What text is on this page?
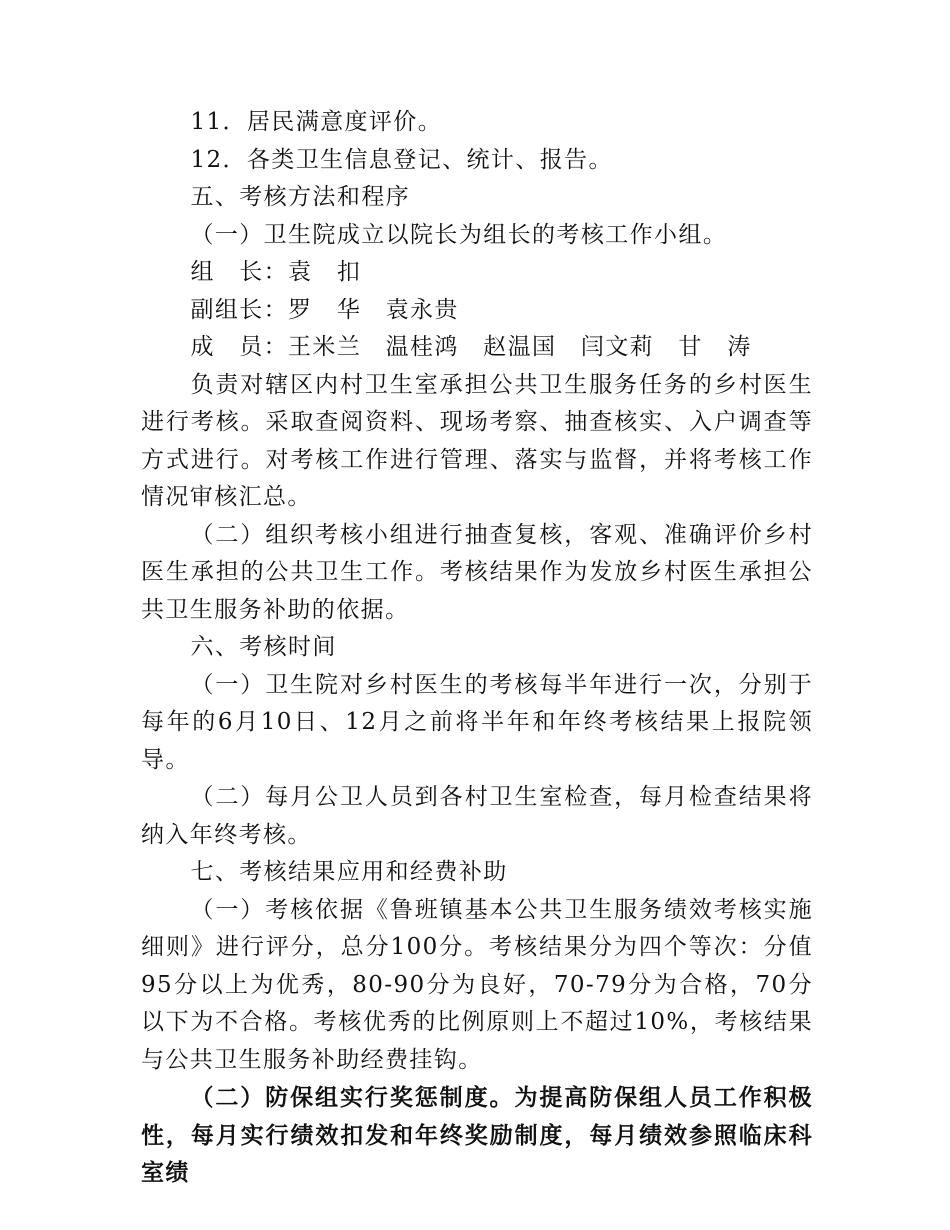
11．居民满意度评价。

12．各类卫生信息登记、统计、报告。

五、考核方法和程序

（一）卫生院成立以院长为组长的考核工作小组。

组　长：袁　扣

副组长：罗　华　袁永贵

成　员：王米兰　温桂鸿　赵温国　闫文莉　甘　涛

负责对辖区内村卫生室承担公共卫生服务任务的乡村医生进行考核。采取查阅资料、现场考察、抽查核实、入户调查等方式进行。对考核工作进行管理、落实与监督，并将考核工作情况审核汇总。

（二）组织考核小组进行抽查复核，客观、准确评价乡村医生承担的公共卫生工作。考核结果作为发放乡村医生承担公共卫生服务补助的依据。

六、考核时间

（一）卫生院对乡村医生的考核每半年进行一次，分别于每年的6月10日、12月之前将半年和年终考核结果上报院领导。

（二）每月公卫人员到各村卫生室检查，每月检查结果将纳入年终考核。

七、考核结果应用和经费补助

（一）考核依据《鲁班镇基本公共卫生服务绩效考核实施细则》进行评分，总分100分。考核结果分为四个等次：分值95分以上为优秀，80-90分为良好，70-79分为合格，70分以下为不合格。考核优秀的比例原则上不超过10%，考核结果与公共卫生服务补助经费挂钩。

（二）防保组实行奖惩制度。为提高防保组人员工作积极性，每月实行绩效扣发和年终奖励制度，每月绩效参照临床科室绩
